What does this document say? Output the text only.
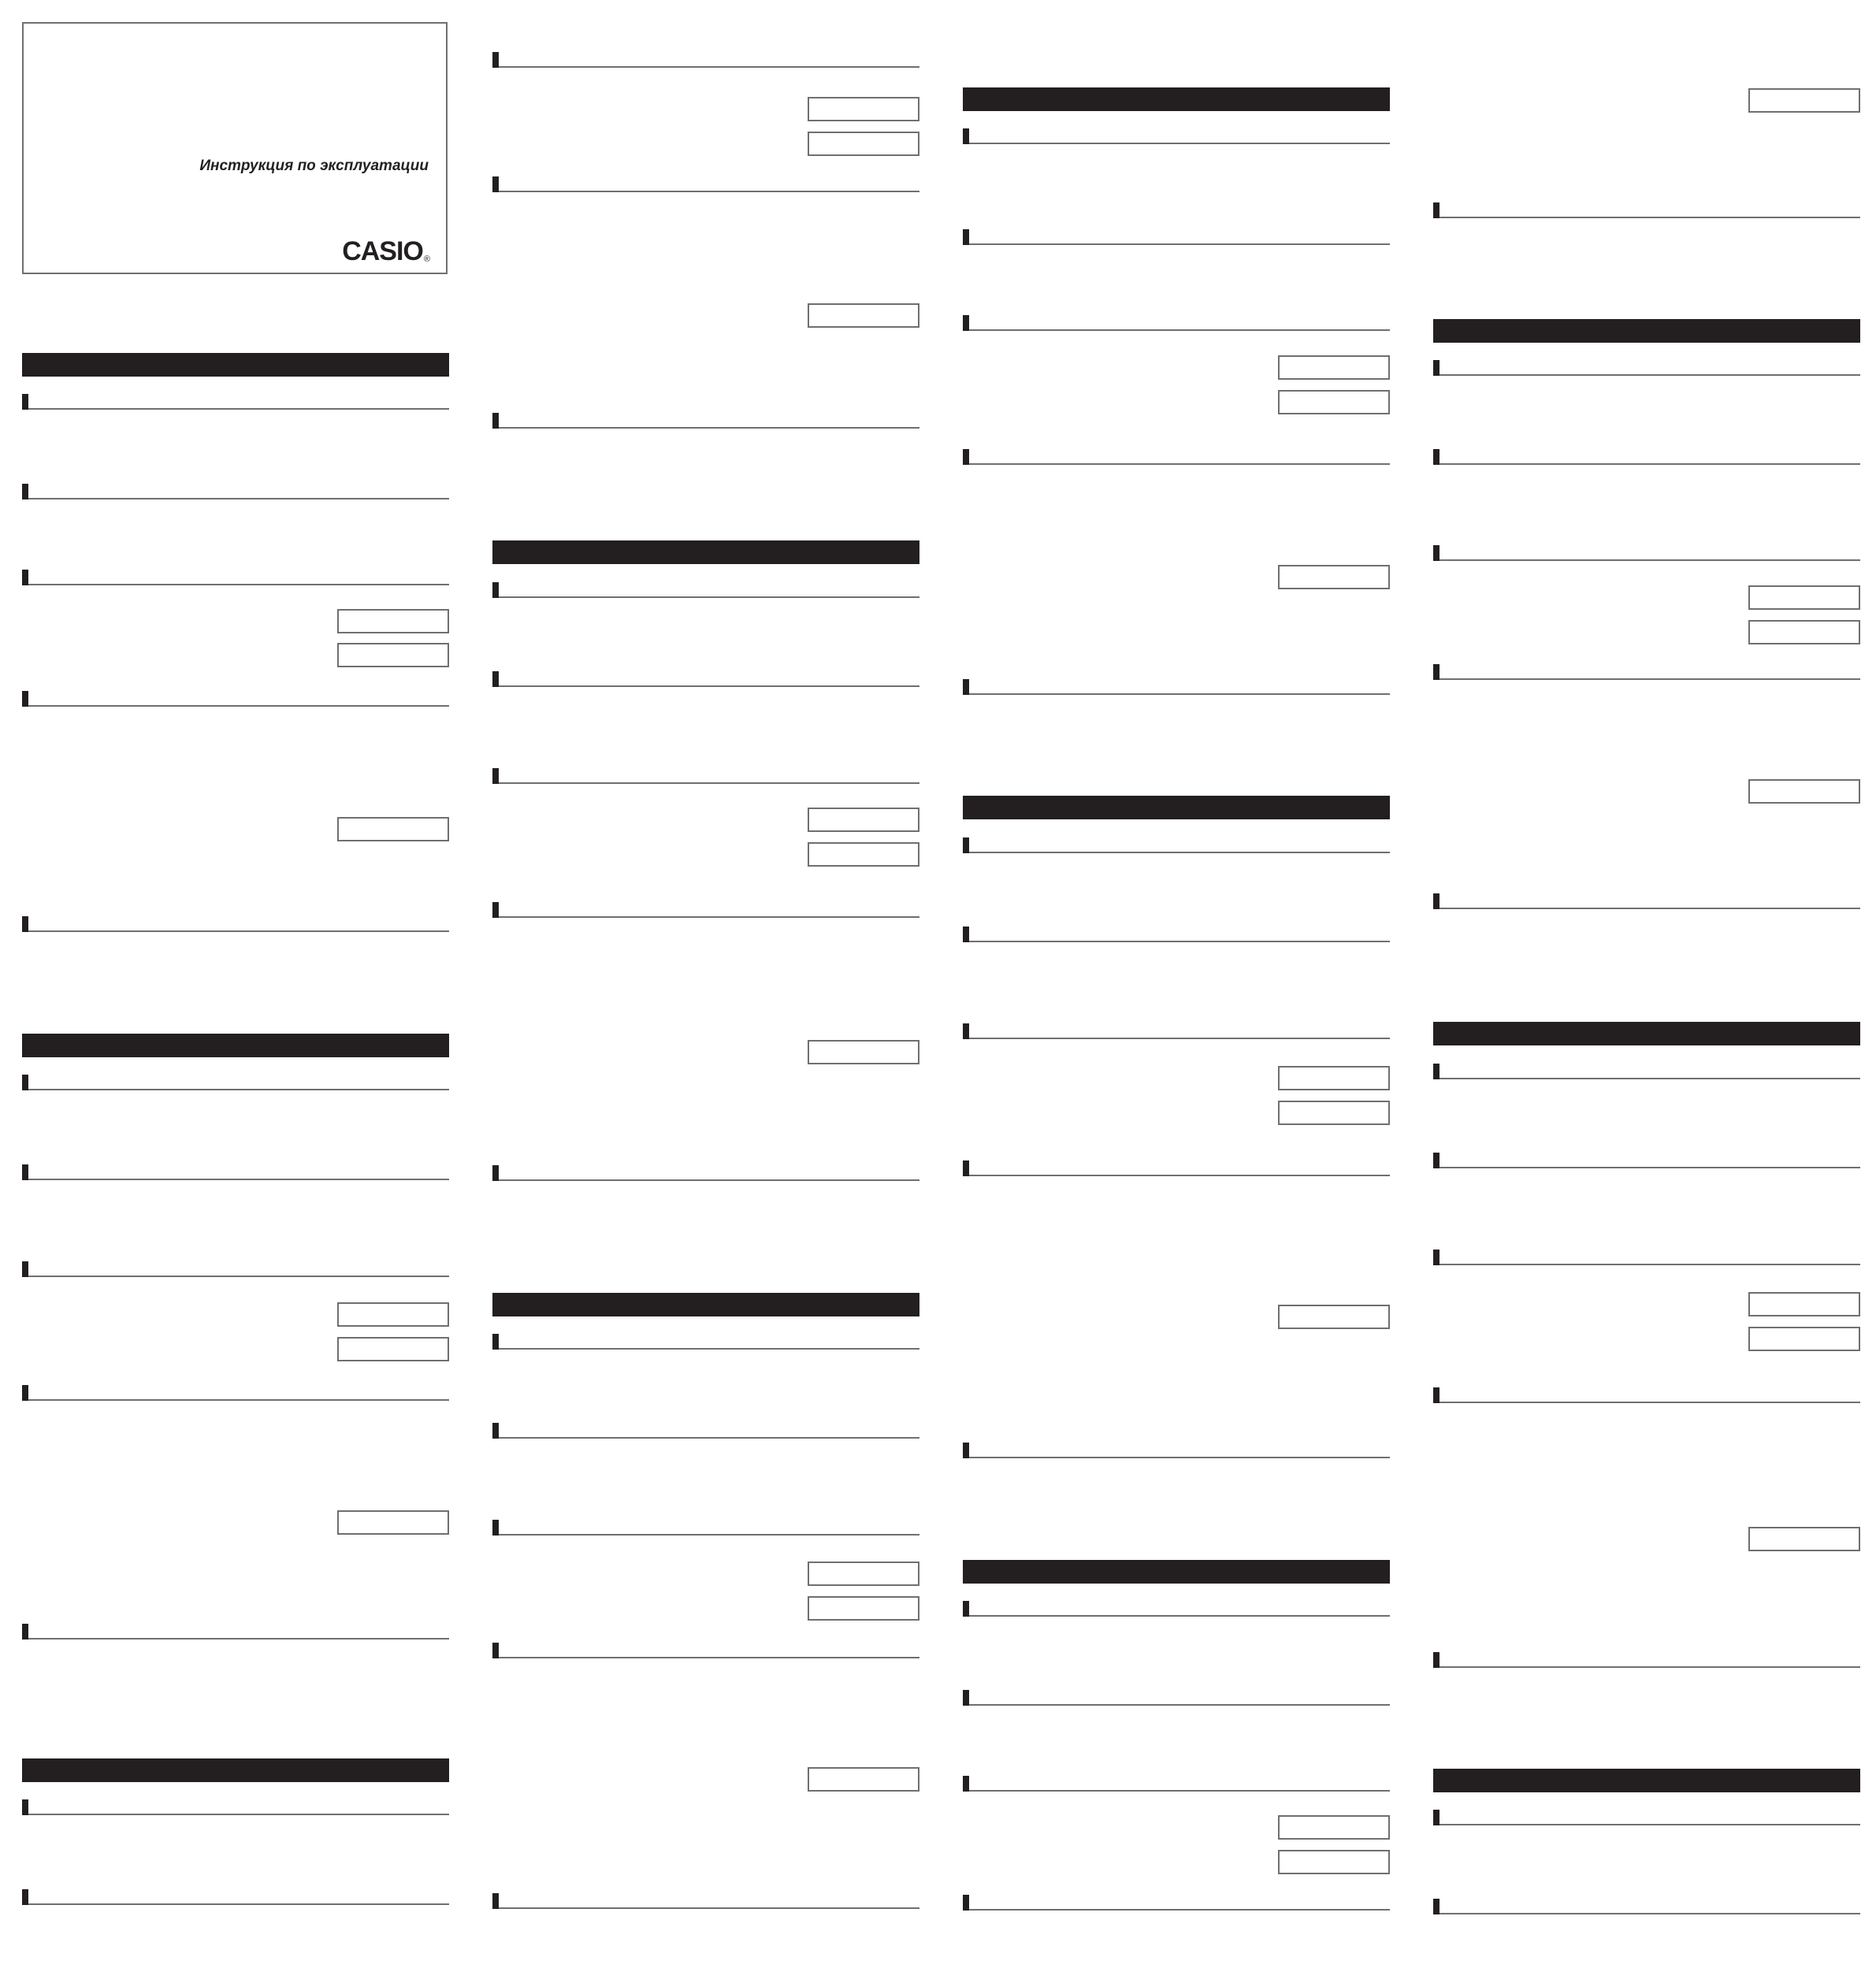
Инструкция по эксплуатации
CASIO®
